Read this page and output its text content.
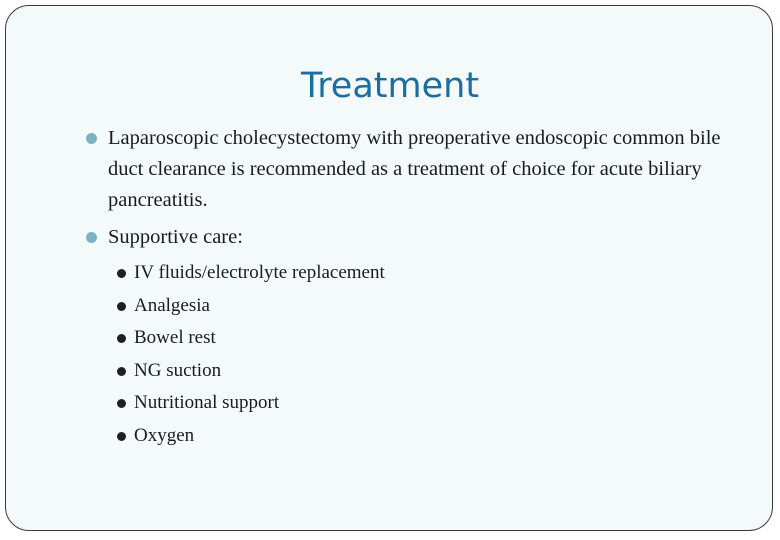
Treatment
Laparoscopic cholecystectomy with preoperative endoscopic common bile duct clearance is recommended as a treatment of choice for acute biliary pancreatitis.
Supportive care:
IV fluids/electrolyte replacement
Analgesia
Bowel rest
NG suction
Nutritional support
Oxygen
